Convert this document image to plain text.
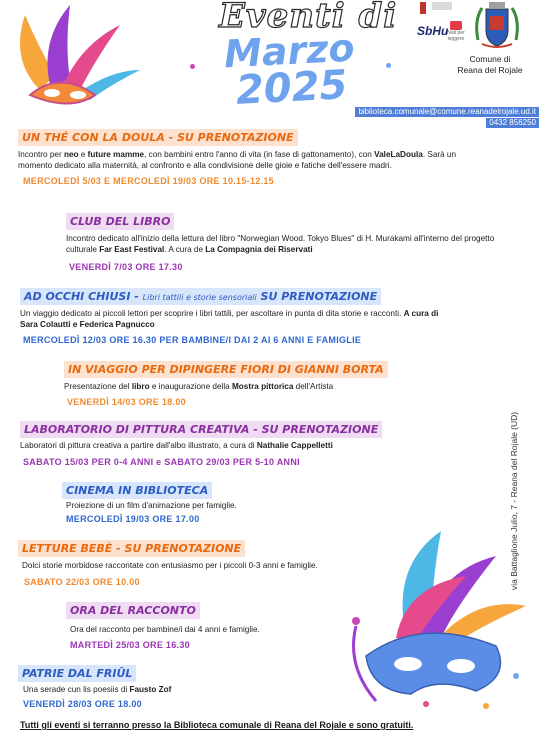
Eventi di
Marzo
2025

SbHu
Nati per leggere
Comune di
Reana del Rojale
biblioteca.comunale@comune.reanadelrojale.ud.it
0432 856250
UN THÉ CON LA DOULA - SU PRENOTAZIONE
Incontro per neo e future mamme, con bambini entro l'anno di vita (in fase di gattonamento), con ValeLaDoula. Sarà un momento dedicato alla maternità, al confronto e alla condivisione delle gioie e fatiche dell'essere madri.
MERCOLEDÌ 5/03 E MERCOLEDÌ 19/03 ORE 10.15-12.15
CLUB DEL LIBRO
Incontro dedicato all'inizio della lettura del libro "Norwegian Wood. Tokyo Blues" di H. Murakami all'interno del progetto culturale Far East Festival. A cura de La Compagnia dei Riservati
VENERDÌ 7/03 ORE 17.30
AD OCCHI CHIUSI - Libri tattili e storie sensoriali SU PRENOTAZIONE
Un viaggio dedicato ai piccoli lettori per scoprire i libri tattili, per ascoltare in punta di dita storie e racconti. A cura di Sara Colautti e Federica Pagnucco
MERCOLEDÌ 12/03 ORE 16.30 PER BAMBINE/I DAI 2 AI 6 ANNI E FAMIGLIE
IN VIAGGIO PER DIPINGERE FIORI DI GIANNI BORTA
Presentazione del libro e inaugurazione della Mostra pittorica dell'Artista
VENERDÌ 14/03 ORE 18.00
LABORATORIO DI PITTURA CREATIVA - SU PRENOTAZIONE
Laboratori di pittura creativa a partire dall'albo illustrato, a cura di Nathalie Cappelletti
SABATO 15/03 PER 0-4 ANNI e SABATO 29/03 PER 5-10 ANNI
CINEMA IN BIBLIOTECA
Proiezione di un film d'animazione per famiglie.
MERCOLEDÌ 19/03 ORE 17.00
LETTURE BEBÈ - SU PRENOTAZIONE
Dolci storie morbidose raccontate con entusiasmo per i piccoli 0-3 anni e famiglie.
SABATO 22/03 ORE 10.00
ORA DEL RACCONTO
Ora del racconto per bambine/i dai 4 anni e famiglie.
MARTEDÌ 25/03 ORE 16.30
PATRIE DAL FRIÛL
Una serade cun lis poesiis di Fausto Zof
VENERDÌ 28/03 ORE 18.00
via Battaglione Julio, 7 - Reana del Rojale (UD)
Tutti gli eventi si terranno presso la Biblioteca comunale di Reana del Rojale e sono gratuiti.
